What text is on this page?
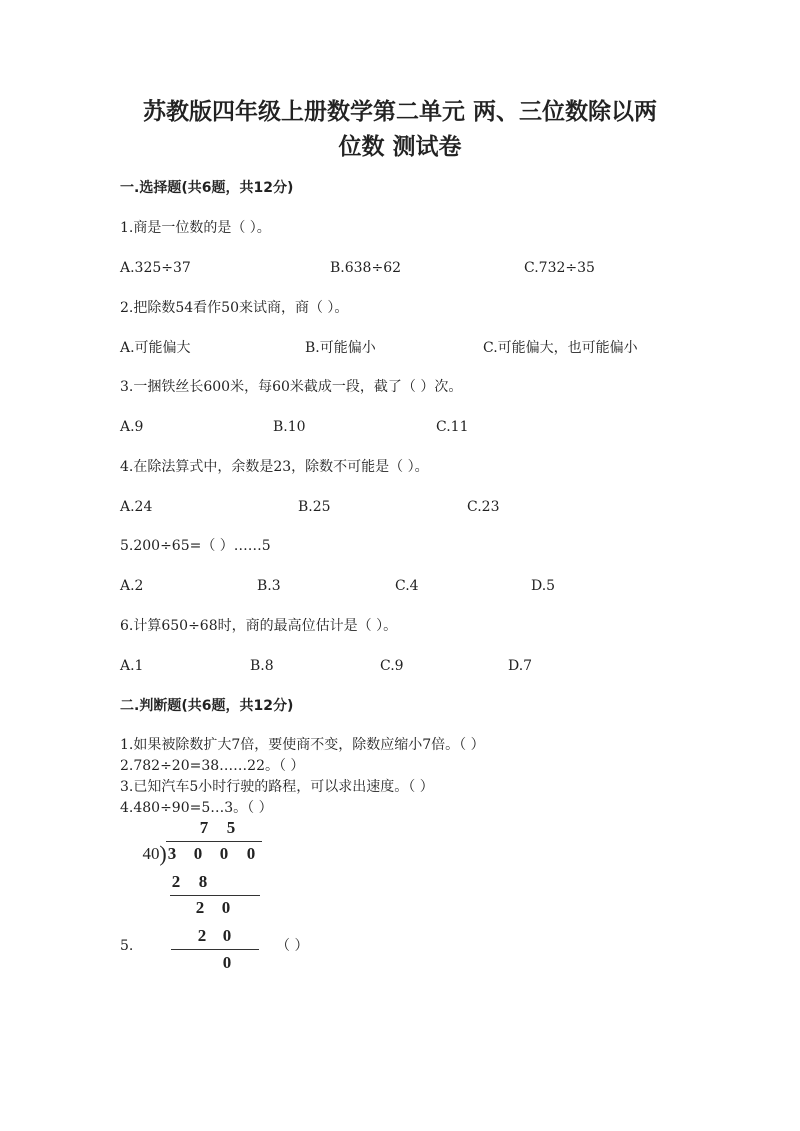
苏教版四年级上册数学第二单元 两、三位数除以两
位数 测试卷
一.选择题(共6题，共12分)
1.商是一位数的是（ ）。
A.325÷37	B.638÷62	C.732÷35
2.把除数54看作50来试商，商（ ）。
A.可能偏大	B.可能偏小	C.可能偏大，也可能偏小
3.一捆铁丝长600米，每60米截成一段，截了（ ）次。
A.9	B.10	C.11
4.在除法算式中，余数是23，除数不可能是（ ）。
A.24	B.25	C.23
5.200÷65=（ ）……5
A.2	B.3	C.4	D.5
6.计算650÷68时，商的最高位估计是（ ）。
A.1	B.8	C.9	D.7
二.判断题(共6题，共12分)
1.如果被除数扩大7倍，要使商不变，除数应缩小7倍。（ ）
2.782÷20=38……22。（ ）
3.已知汽车5小时行驶的路程，可以求出速度。（ ）
4.480÷90=5…3。（ ）
7 5
40 ) 3 0 0 0
2 8
2 0
2 0
0
5.	（ ）
